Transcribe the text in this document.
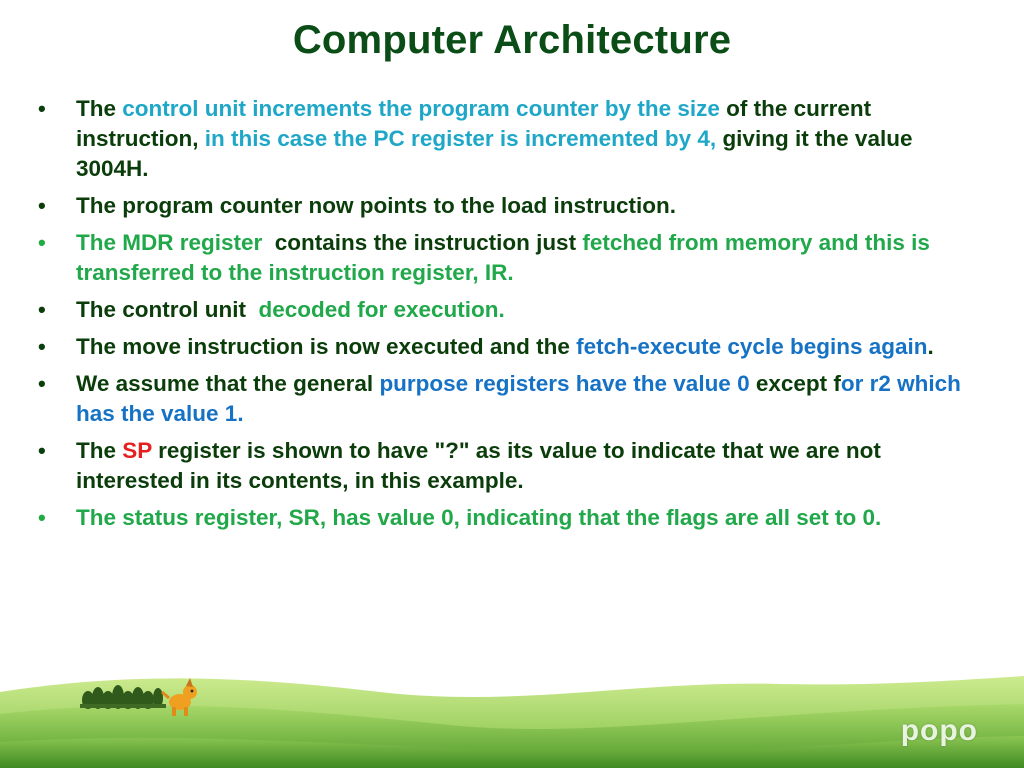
Computer Architecture
•	The control unit increments the program counter by the size of the current instruction, in this case the PC register is incremented by 4, giving it the value 3004H.
•	The program counter now points to the load instruction.
•	The MDR register  contains the instruction just fetched from memory and this is transferred to the instruction register, IR.
•	The control unit  decoded for execution.
•	The move instruction is now executed and the fetch-execute cycle begins again.
•	We assume that the general purpose registers have the value 0 except for r2 which has the value 1.
•	The SP register is shown to have "?" as its value to indicate that we are not interested in its contents, in this example.
•	The status register, SR, has value 0, indicating that the flags are all set to 0.
popo
